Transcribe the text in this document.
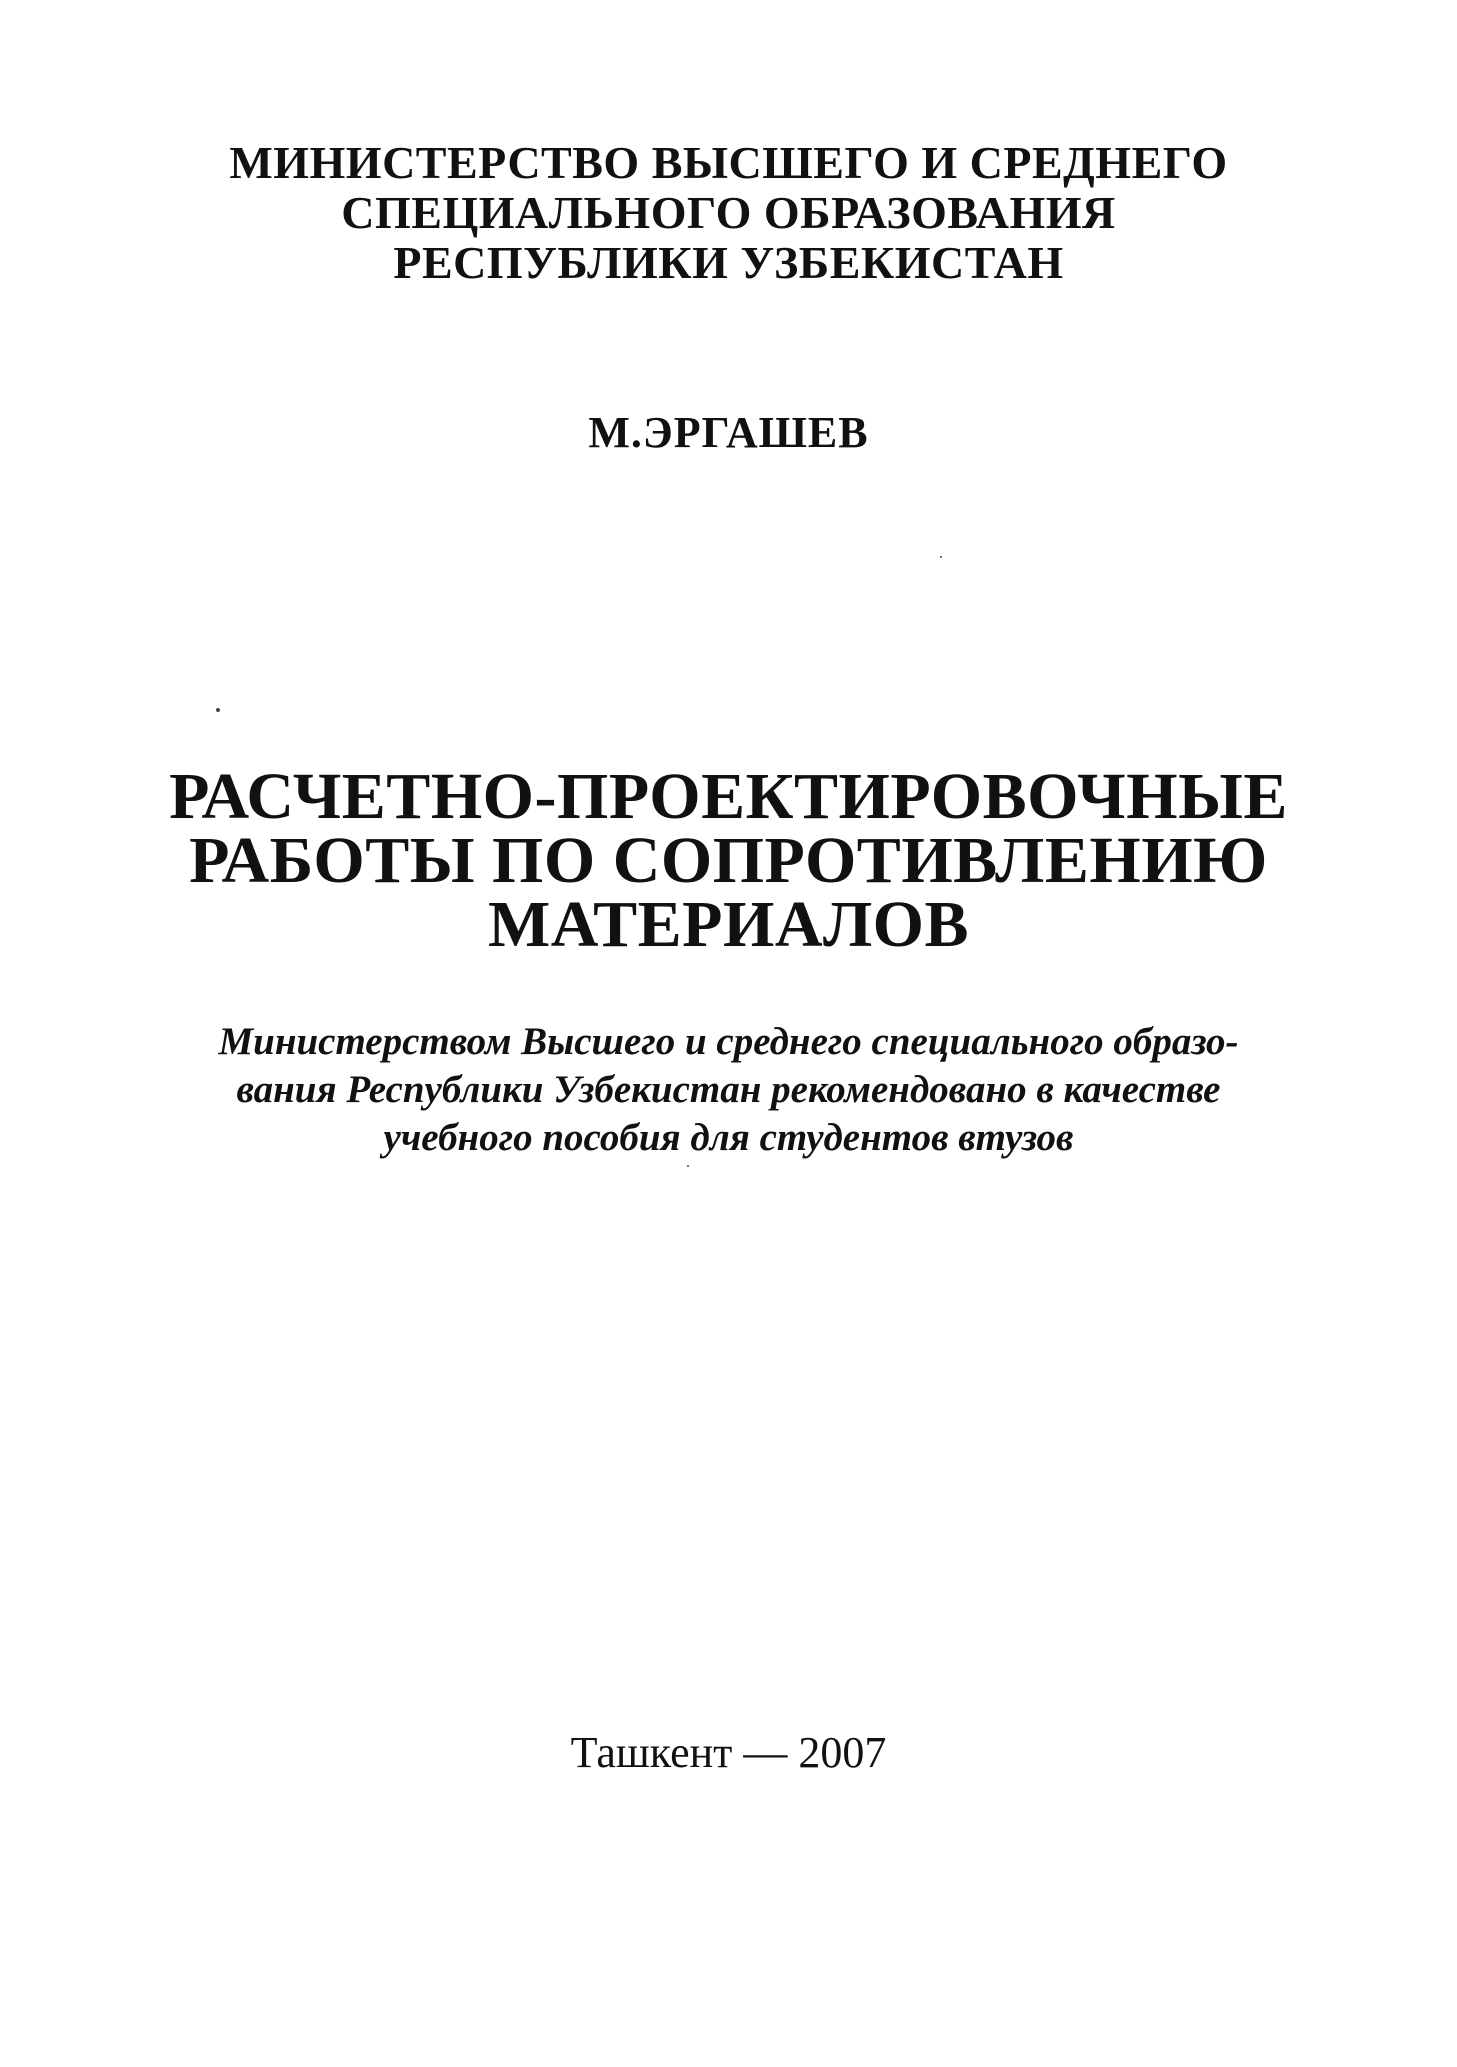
МИНИСТЕРСТВО ВЫСШЕГО И СРЕДНЕГО
СПЕЦИАЛЬНОГО ОБРАЗОВАНИЯ
РЕСПУБЛИКИ УЗБЕКИСТАН
М.ЭРГАШЕВ
РАСЧЕТНО-ПРОЕКТИРОВОЧНЫЕ
РАБОТЫ ПО СОПРОТИВЛЕНИЮ
МАТЕРИАЛОВ
Министерством Высшего и среднего специального образо-
вания Республики Узбекистан рекомендовано в качестве
учебного пособия для студентов втузов
Ташкент — 2007
